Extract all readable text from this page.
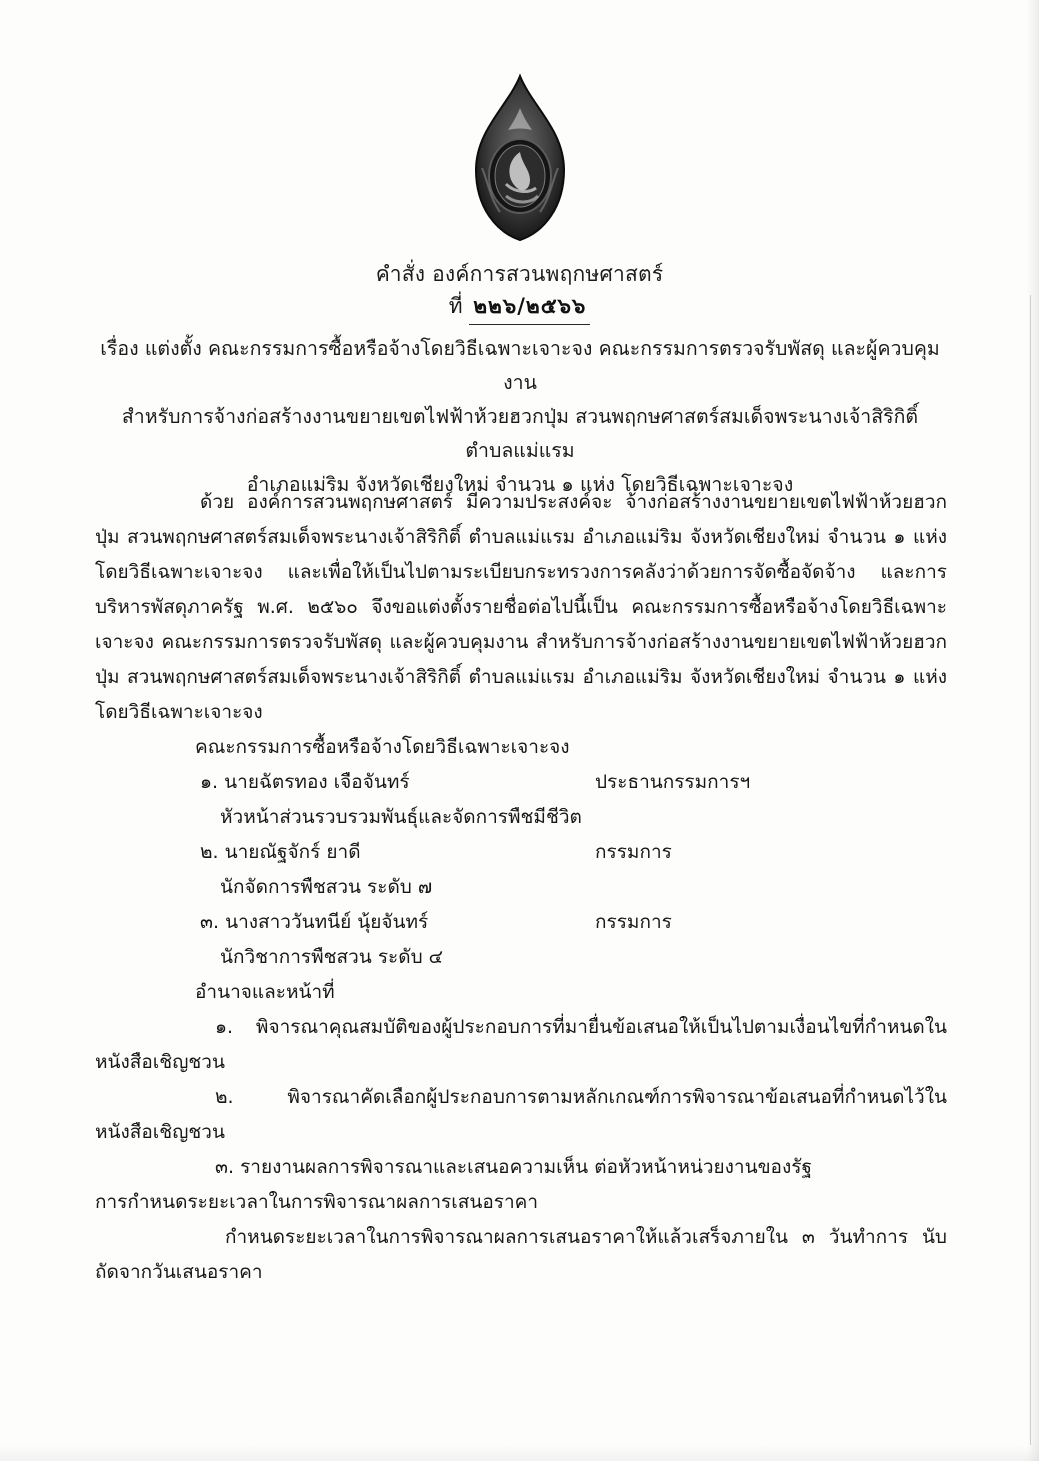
คำสั่ง องค์การสวนพฤกษศาสตร์
ที่ ๒๒๖/๒๕๖๖
เรื่อง แต่งตั้ง คณะกรรมการซื้อหรือจ้างโดยวิธีเฉพาะเจาะจง คณะกรรมการตรวจรับพัสดุ และผู้ควบคุมงาน
สำหรับการจ้างก่อสร้างงานขยายเขตไฟฟ้าห้วยฮวกปุ่ม สวนพฤกษศาสตร์สมเด็จพระนางเจ้าสิริกิติ์ ตำบลแม่แรม
อำเภอแม่ริม จังหวัดเชียงใหม่ จำนวน ๑ แห่ง โดยวิธีเฉพาะเจาะจง

ด้วย องค์การสวนพฤกษศาสตร์ มีความประสงค์จะ จ้างก่อสร้างงานขยายเขตไฟฟ้าห้วยฮวกปุ่ม สวนพฤกษศาสตร์สมเด็จพระนางเจ้าสิริกิติ์ ตำบลแม่แรม อำเภอแม่ริม จังหวัดเชียงใหม่ จำนวน ๑ แห่ง โดยวิธีเฉพาะเจาะจง และเพื่อให้เป็นไปตามระเบียบกระทรวงการคลังว่าด้วยการจัดซื้อจัดจ้าง และการบริหารพัสดุภาครัฐ พ.ศ. ๒๕๖๐ จึงขอแต่งตั้งรายชื่อต่อไปนี้เป็น คณะกรรมการซื้อหรือจ้างโดยวิธีเฉพาะเจาะจง คณะกรรมการตรวจรับพัสดุ และผู้ควบคุมงาน สำหรับการจ้างก่อสร้างงานขยายเขตไฟฟ้าห้วยฮวกปุ่ม สวนพฤกษศาสตร์สมเด็จพระนางเจ้าสิริกิติ์ ตำบลแม่แรม อำเภอแม่ริม จังหวัดเชียงใหม่ จำนวน ๑ แห่ง โดยวิธีเฉพาะเจาะจง

คณะกรรมการซื้อหรือจ้างโดยวิธีเฉพาะเจาะจง

๑. นายฉัตรทอง เจือจันทร์	ประธานกรรมการฯ

หัวหน้าส่วนรวบรวมพันธุ์และจัดการพืชมีชีวิต

๒. นายณัฐจักร์ ยาดี	กรรมการ

นักจัดการพืชสวน ระดับ ๗

๓. นางสาววันทนีย์ นุ้ยจันทร์	กรรมการ

นักวิชาการพืชสวน ระดับ ๔

อำนาจและหน้าที่

๑. พิจารณาคุณสมบัติของผู้ประกอบการที่มายื่นข้อเสนอให้เป็นไปตามเงื่อนไขที่กำหนดในหนังสือเชิญชวน

๒. พิจารณาคัดเลือกผู้ประกอบการตามหลักเกณฑ์การพิจารณาข้อเสนอที่กำหนดไว้ในหนังสือเชิญชวน

๓. รายงานผลการพิจารณาและเสนอความเห็น ต่อหัวหน้าหน่วยงานของรัฐ

การกำหนดระยะเวลาในการพิจารณาผลการเสนอราคา

กำหนดระยะเวลาในการพิจารณาผลการเสนอราคาให้แล้วเสร็จภายใน ๓ วันทำการ นับถัดจากวันเสนอราคา
